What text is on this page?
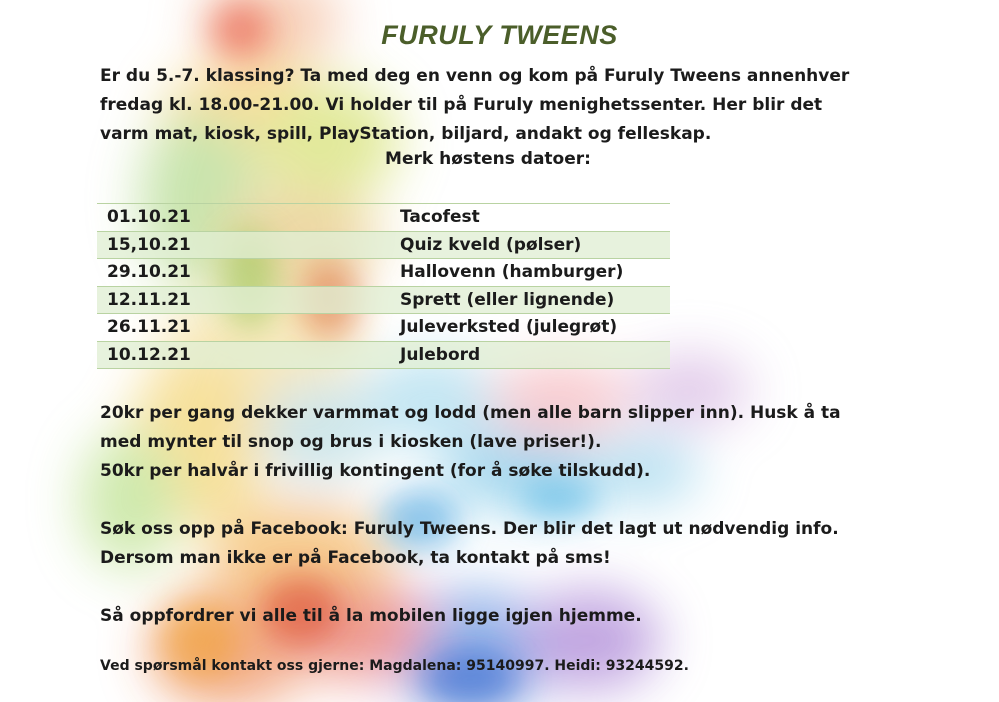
FURULY TWEENS

Er du 5.-7. klassing? Ta med deg en venn og kom på Furuly Tweens annenhver
fredag kl. 18.00-21.00. Vi holder til på Furuly menighetssenter. Her blir det
varm mat, kiosk, spill, PlayStation, biljard, andakt og felleskap.

Merk høstens datoer:
01.10.21	Tacofest
15,10.21	Quiz kveld (pølser)
29.10.21	Hallovenn (hamburger)
12.11.21	Sprett (eller lignende)
26.11.21	Juleverksted (julegrøt)
10.12.21	Julebord

20kr per gang dekker varmmat og lodd (men alle barn slipper inn). Husk å ta
med mynter til snop og brus i kiosken (lave priser!).
50kr per halvår i frivillig kontingent (for å søke tilskudd).

Søk oss opp på Facebook: Furuly Tweens. Der blir det lagt ut nødvendig info.
Dersom man ikke er på Facebook, ta kontakt på sms!

Så oppfordrer vi alle til å la mobilen ligge igjen hjemme.

Ved spørsmål kontakt oss gjerne: Magdalena: 95140997. Heidi: 93244592.
